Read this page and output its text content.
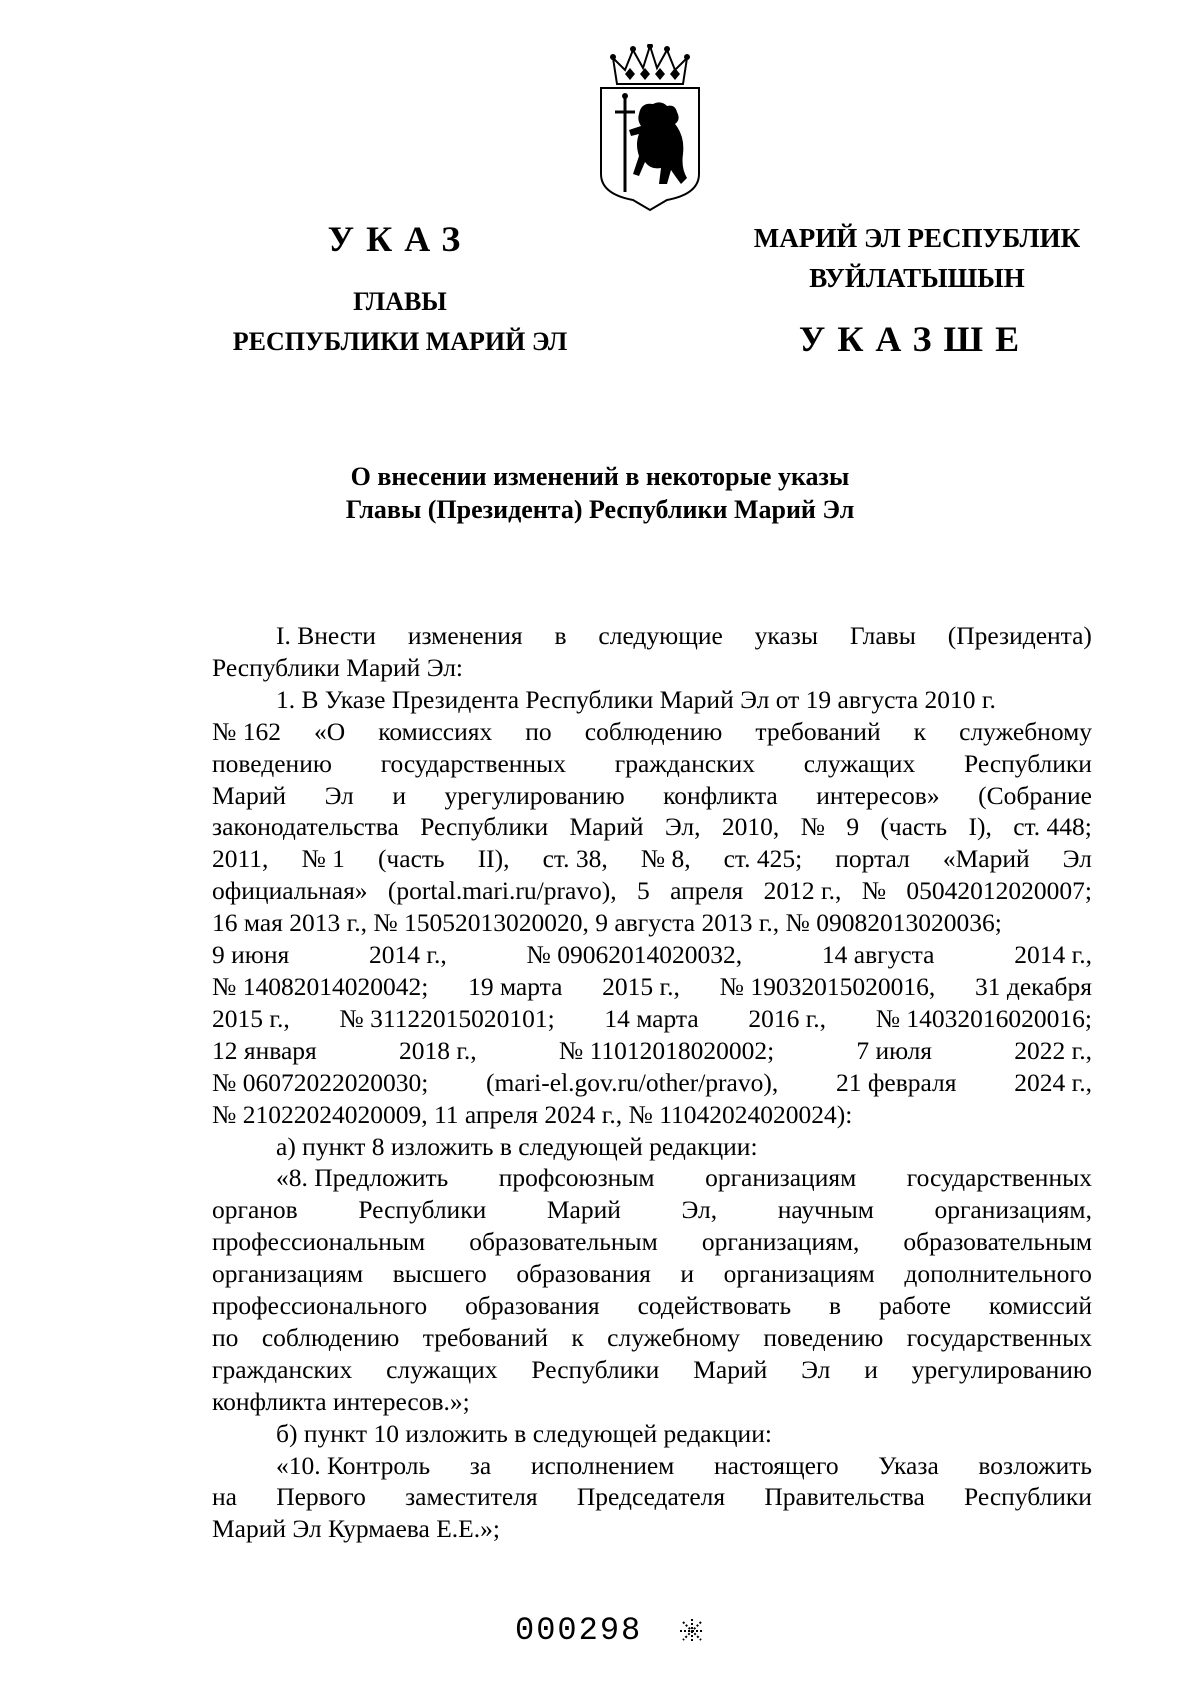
УКАЗ
ГЛАВЫ
РЕСПУБЛИКИ МАРИЙ ЭЛ
МАРИЙ ЭЛ РЕСПУБЛИК
ВУЙЛАТЫШЫН
УКАЗШЕ
О внесении изменений в некоторые указы
Главы (Президента) Республики Марий Эл
I. Внести изменения в следующие указы Главы (Президента)
Республики Марий Эл:
1. В Указе Президента Республики Марий Эл от 19 августа 2010 г.
№ 162 «О комиссиях по соблюдению требований к служебному
поведению государственных гражданских служащих Республики
Марий Эл и урегулированию конфликта интересов» (Собрание
законодательства Республики Марий Эл, 2010, № 9 (часть I), ст. 448;
2011, № 1 (часть II), ст. 38, № 8, ст. 425; портал «Марий Эл
официальная» (portal.mari.ru/pravo), 5 апреля 2012 г., № 05042012020007;
16 мая 2013 г., № 15052013020020, 9 августа 2013 г., № 09082013020036;
9 июня	2014 г.,	№ 09062014020032,	14 августа	2014 г.,
№ 14082014020042; 19 марта 2015 г., № 19032015020016, 31 декабря
2015 г., № 31122015020101; 14 марта 2016 г., № 14032016020016;
12 января	2018 г.,	№ 11012018020002;	7 июля	2022 г.,
№ 06072022020030; (mari-el.gov.ru/other/pravo), 21 февраля 2024 г.,
№ 21022024020009, 11 апреля 2024 г., № 11042024020024):
а) пункт 8 изложить в следующей редакции:
«8. Предложить профсоюзным организациям государственных
органов Республики Марий Эл, научным организациям,
профессиональным образовательным организациям, образовательным
организациям высшего образования и организациям дополнительного
профессионального образования содействовать в работе комиссий
по соблюдению требований к служебному поведению государственных
гражданских служащих Республики Марий Эл и урегулированию
конфликта интересов.»;
б) пункт 10 изложить в следующей редакции:
«10. Контроль за исполнением настоящего Указа возложить
на Первого заместителя Председателя Правительства Республики
Марий Эл Курмаева Е.Е.»;
000298
